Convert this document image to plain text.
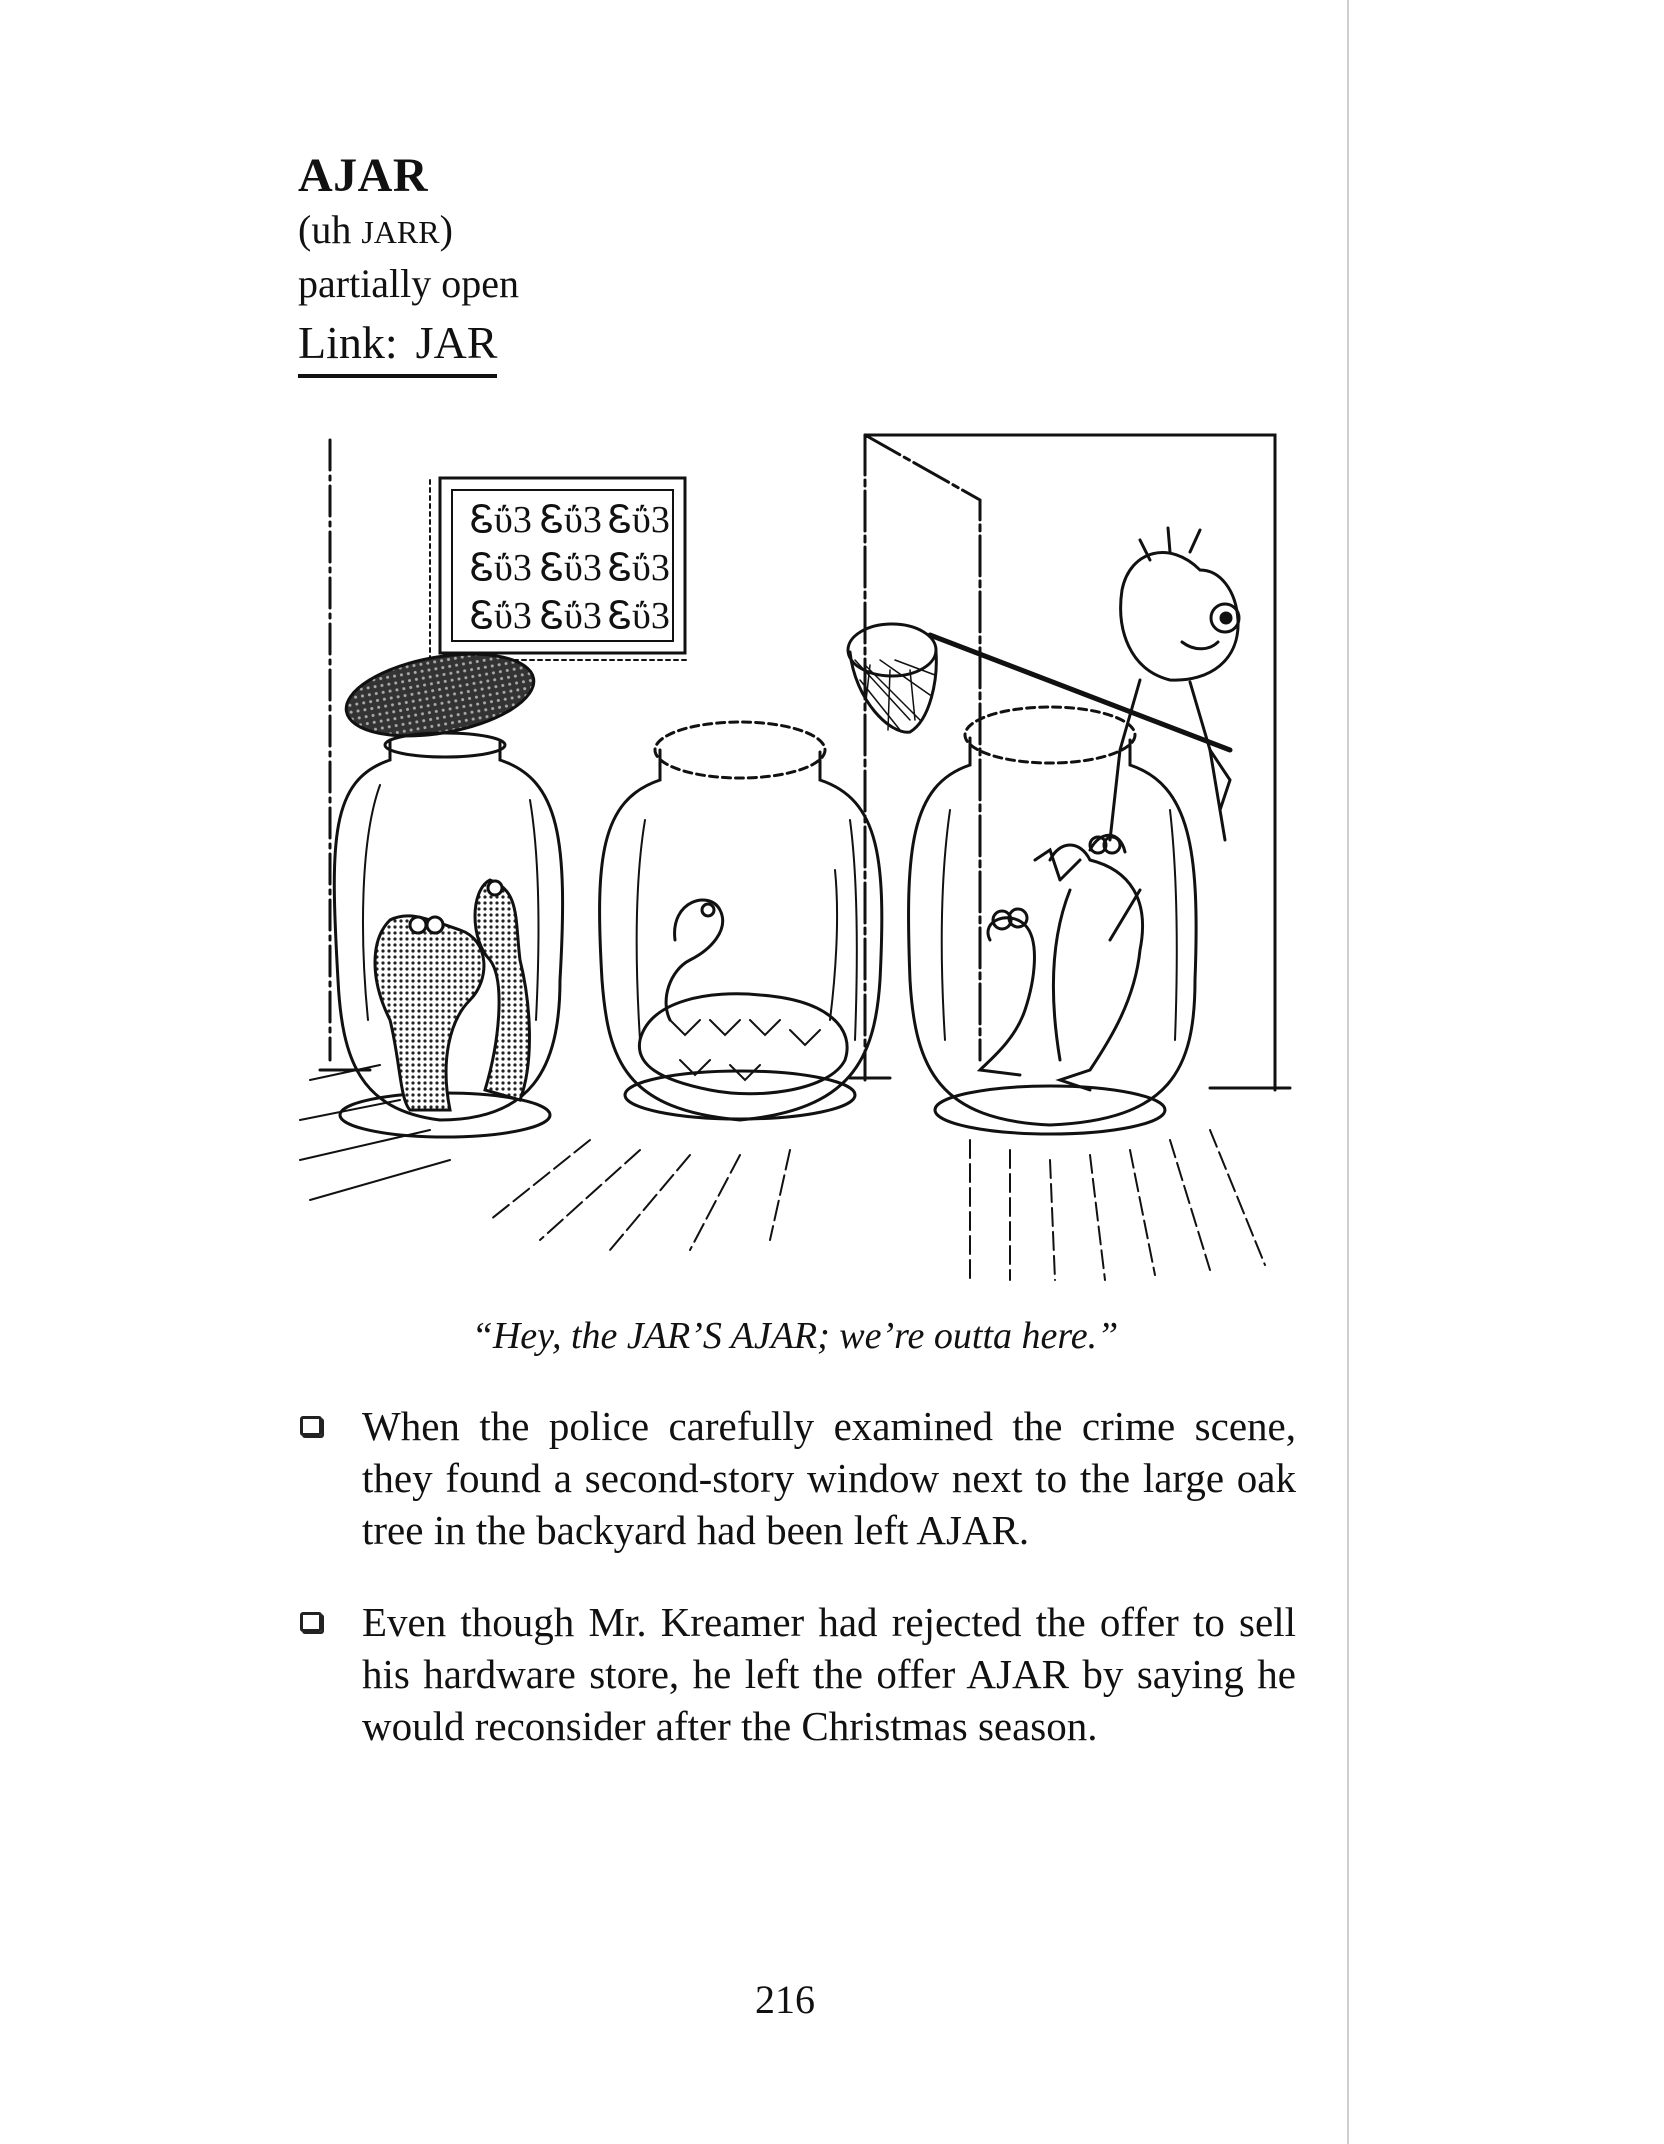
AJAR
(uh JARR)
partially open
Link: JAR
Ꮛΰ3 Ꮛΰ3 Ꮛΰ3
Ꮛΰ3 Ꮛΰ3 Ꮛΰ3
Ꮛΰ3 Ꮛΰ3 Ꮛΰ3
“Hey, the JAR’S AJAR; we’re outta here.”
When the police carefully examined the crime scene, they found a second-story window next to the large oak tree in the backyard had been left AJAR.
Even though Mr. Kreamer had rejected the offer to sell his hardware store, he left the offer AJAR by saying he would reconsider after the Christmas season.
216
